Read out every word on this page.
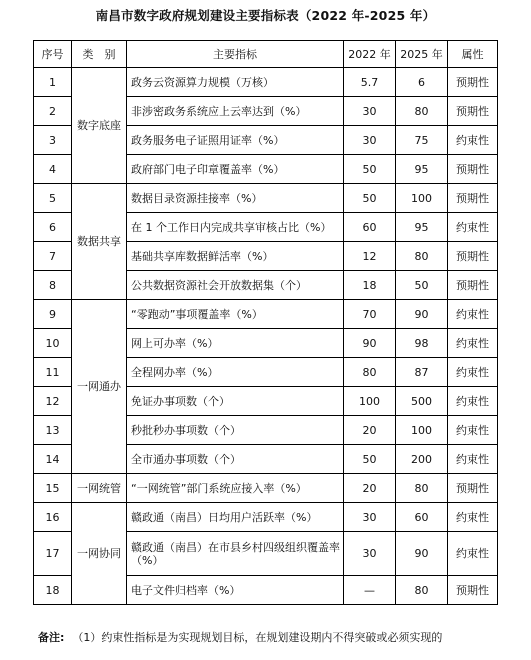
南昌市数字政府规划建设主要指标表（2022 年-2025 年）
序号	类　别	主要指标	2022 年	2025 年	属性
1	数字底座	政务云资源算力规模（万核）	5.7	6	预期性
2		非涉密政务系统应上云率达到（%）	30	80	预期性
3		政务服务电子证照用证率（%）	30	75	约束性
4		政府部门电子印章覆盖率（%）	50	95	预期性
5	数据共享	数据目录资源挂接率（%）	50	100	预期性
6		在 1 个工作日内完成共享审核占比（%）	60	95	约束性
7		基础共享库数据鲜活率（%）	12	80	预期性
8		公共数据资源社会开放数据集（个）	18	50	预期性
9	一网通办	“零跑动”事项覆盖率（%）	70	90	约束性
10		网上可办率（%）	90	98	约束性
11		全程网办率（%）	80	87	约束性
12		免证办事项数（个）	100	500	约束性
13		秒批秒办事项数（个）	20	100	约束性
14		全市通办事项数（个）	50	200	约束性
15	一网统管	“一网统管”部门系统应接入率（%）	20	80	预期性
16	一网协同	赣政通（南昌）日均用户活跃率（%）	30	60	约束性
17		赣政通（南昌）在市县乡村四级组织覆盖率（%）	30	90	约束性
18		电子文件归档率（%）	—	80	预期性
备注: （1）约束性指标是为实现规划目标，在规划建设期内不得突破或必须实现的
